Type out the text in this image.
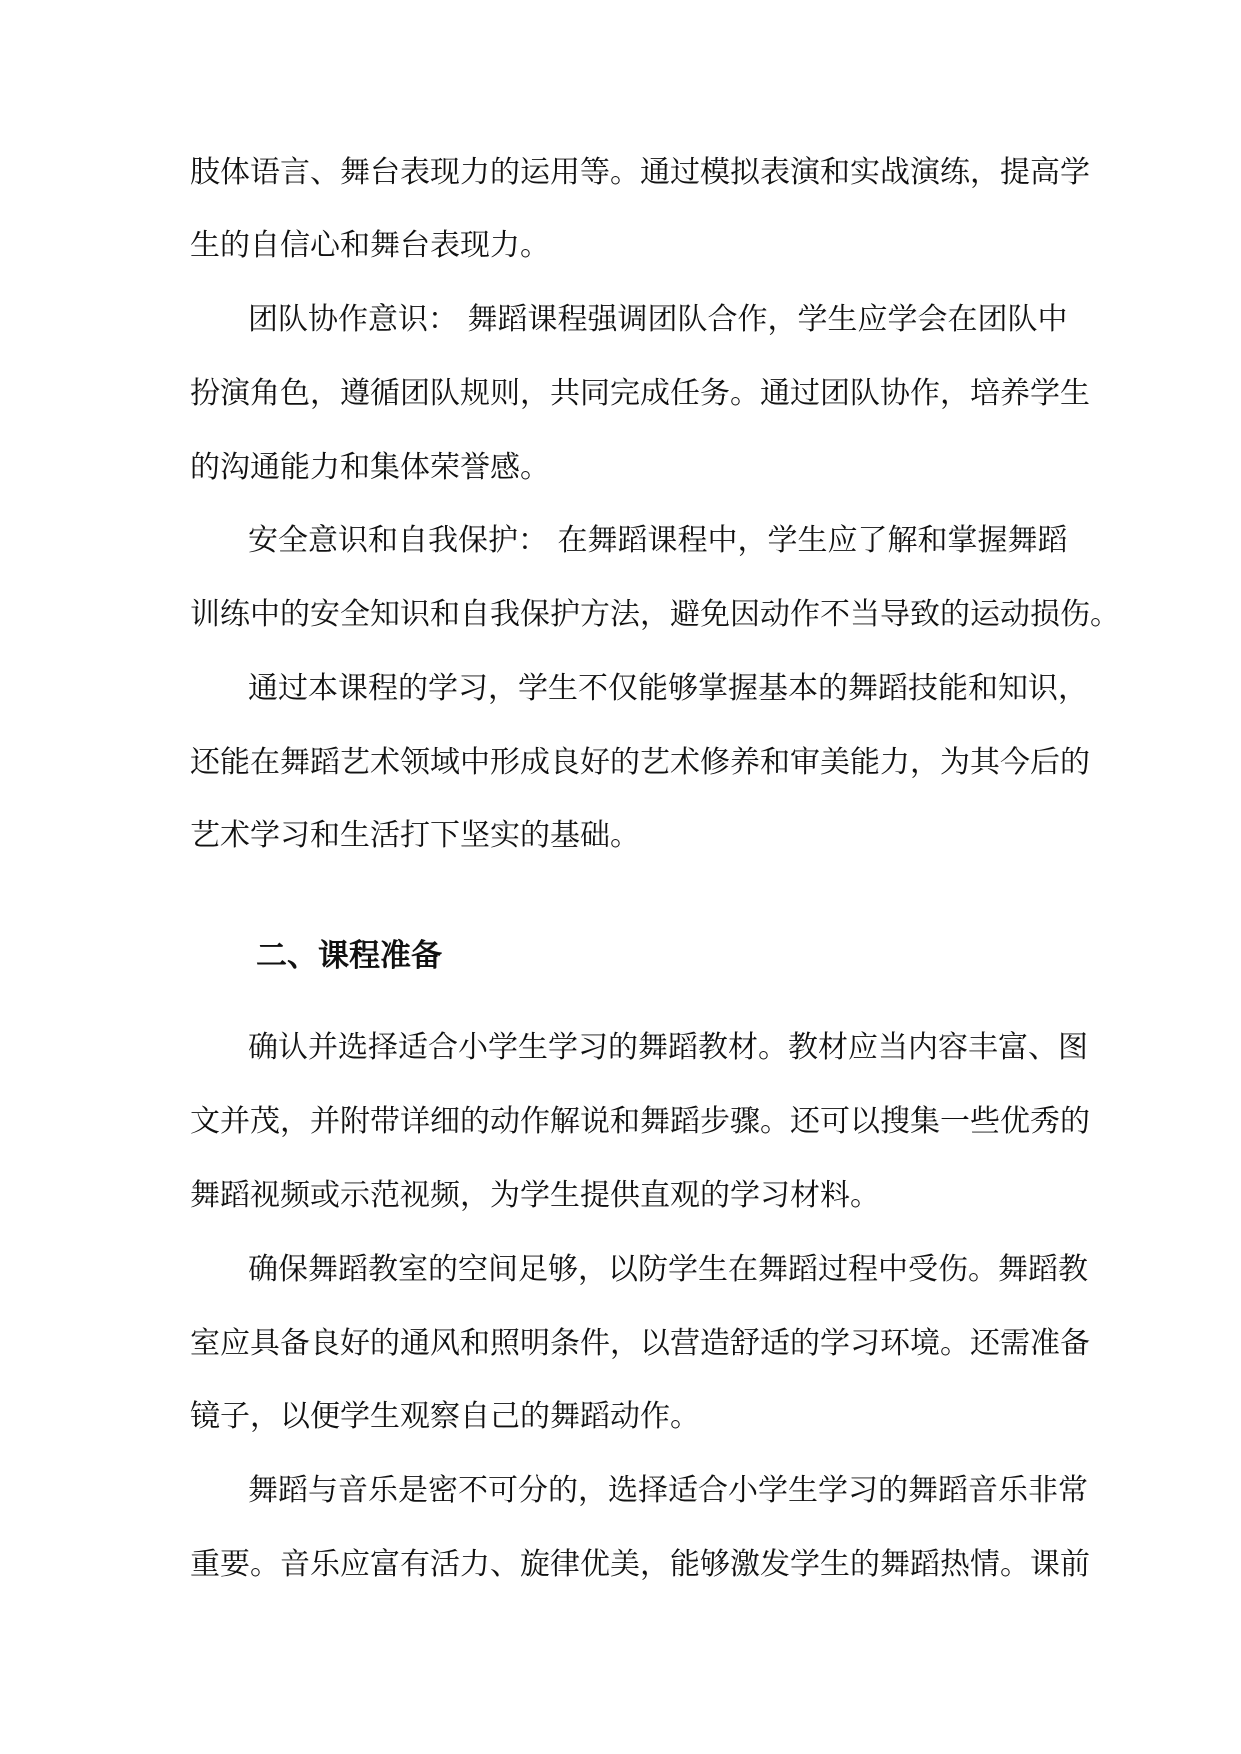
肢体语言、舞台表现力的运用等。通过模拟表演和实战演练，提高学
生的自信心和舞台表现力。
团队协作意识： 舞蹈课程强调团队合作，学生应学会在团队中
扮演角色，遵循团队规则，共同完成任务。通过团队协作，培养学生
的沟通能力和集体荣誉感。
安全意识和自我保护： 在舞蹈课程中，学生应了解和掌握舞蹈
训练中的安全知识和自我保护方法，避免因动作不当导致的运动损伤。
通过本课程的学习，学生不仅能够掌握基本的舞蹈技能和知识，
还能在舞蹈艺术领域中形成良好的艺术修养和审美能力，为其今后的
艺术学习和生活打下坚实的基础。
二、课程准备
确认并选择适合小学生学习的舞蹈教材。教材应当内容丰富、图
文并茂，并附带详细的动作解说和舞蹈步骤。还可以搜集一些优秀的
舞蹈视频或示范视频，为学生提供直观的学习材料。
确保舞蹈教室的空间足够，以防学生在舞蹈过程中受伤。舞蹈教
室应具备良好的通风和照明条件，以营造舒适的学习环境。还需准备
镜子，以便学生观察自己的舞蹈动作。
舞蹈与音乐是密不可分的，选择适合小学生学习的舞蹈音乐非常
重要。音乐应富有活力、旋律优美，能够激发学生的舞蹈热情。课前
